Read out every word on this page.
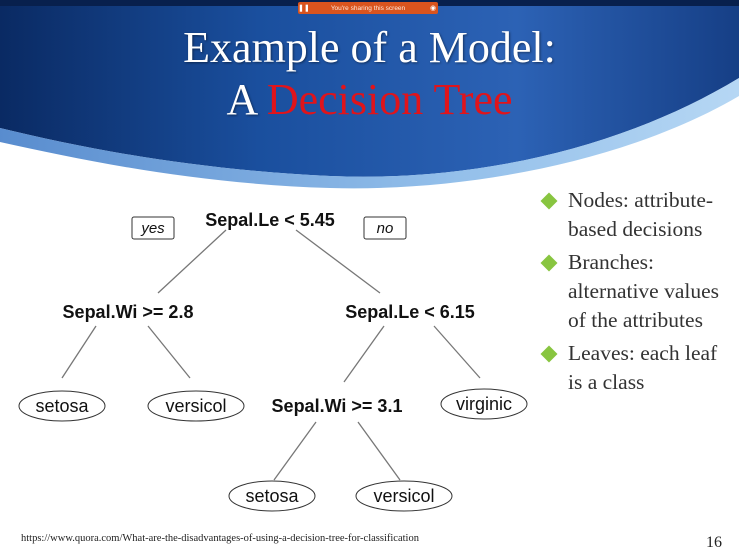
❚❚	You're sharing this screen	◉
Example of a Model:
A Decision Tree
yes	no
Sepal.Le < 5.45
Sepal.Wi >= 2.8	Sepal.Le < 6.15
Sepal.Wi >= 3.1
setosa	versicol	virginic
setosa	versicol
Nodes: attribute-based decisions
Branches: alternative values of the attributes
Leaves: each leaf is a class
https://www.quora.com/What-are-the-disadvantages-of-using-a-decision-tree-for-classification	16
